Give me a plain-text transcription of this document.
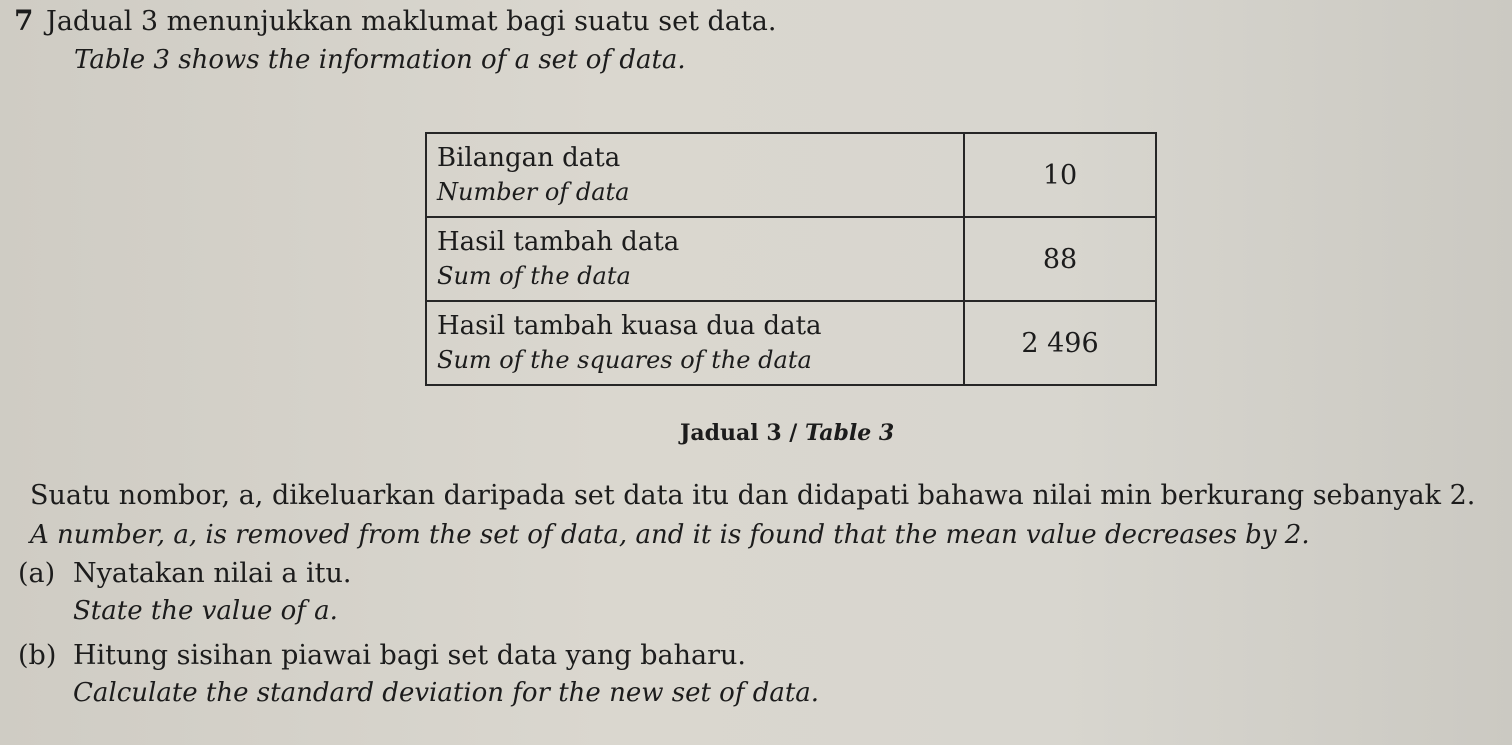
7 Jadual 3 menunjukkan maklumat bagi suatu set data.
Table 3 shows the information of a set of data.
Bilangan data
Number of data	10

Hasil tambah data
Sum of the data	88

Hasil tambah kuasa dua data
Sum of the squares of the data	2 496
Jadual 3 / Table 3
Suatu nombor, a, dikeluarkan daripada set data itu dan didapati bahawa nilai min berkurang sebanyak 2.
A number, a, is removed from the set of data, and it is found that the mean value decreases by 2.
(a) Nyatakan nilai a itu.
State the value of a.
(b) Hitung sisihan piawai bagi set data yang baharu.
Calculate the standard deviation for the new set of data.
